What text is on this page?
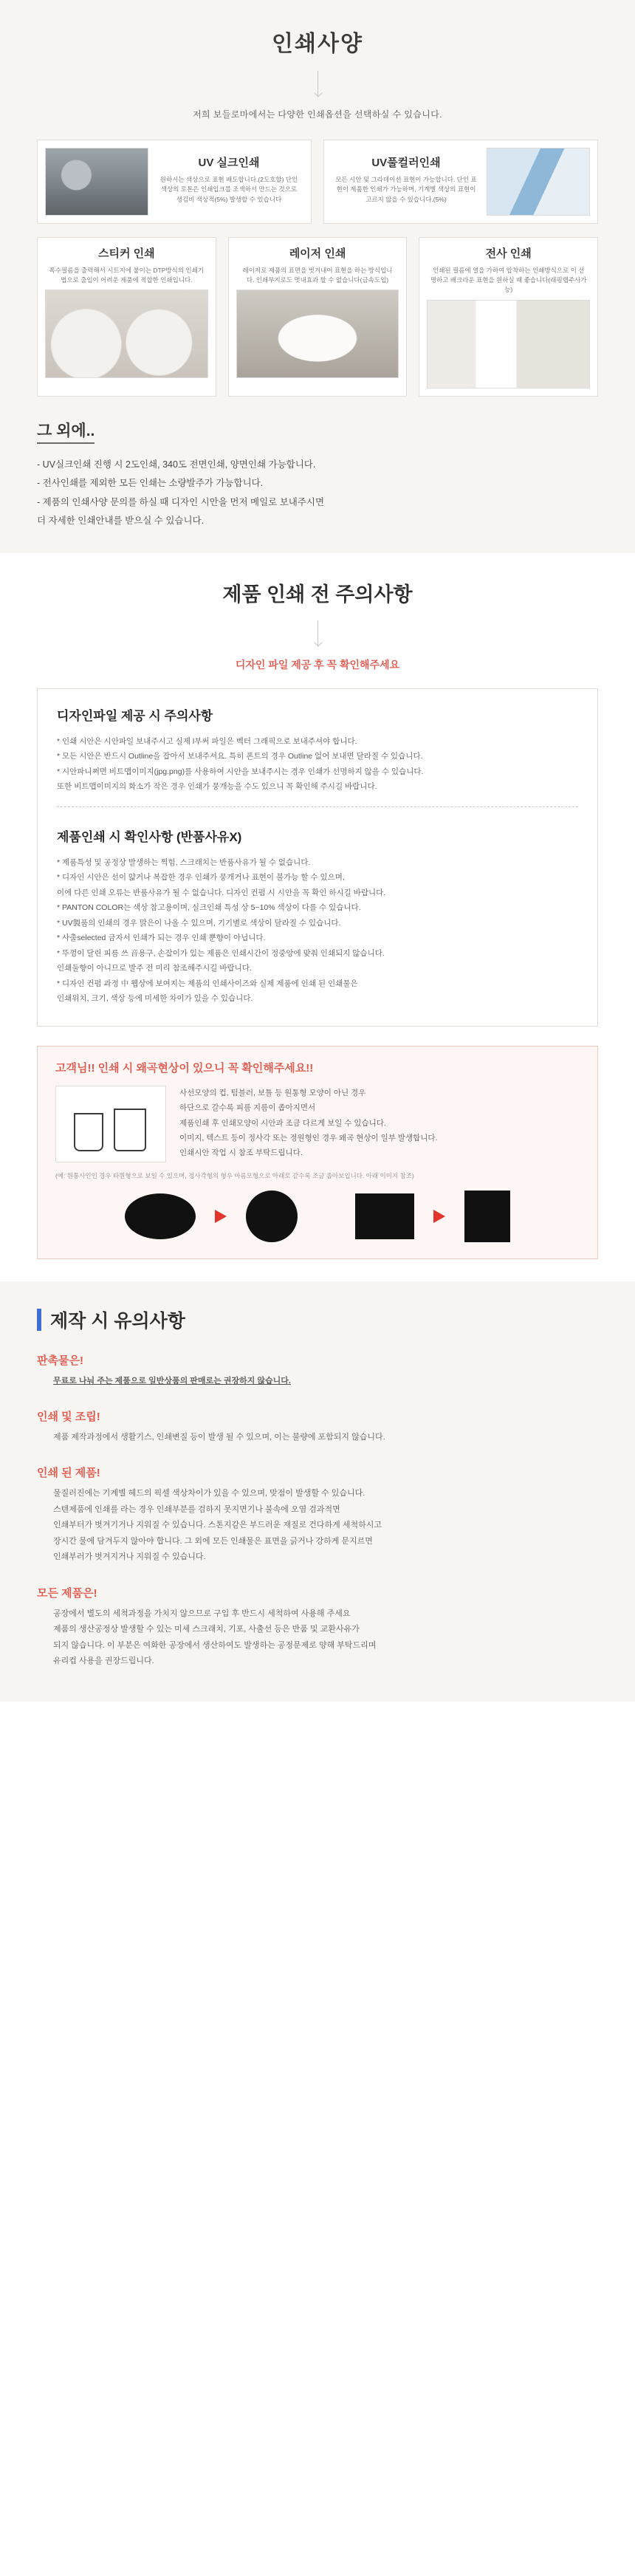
인쇄사양

저희 보들로마에서는 다양한 인쇄옵션을 선택하실 수 있습니다.

UV 실크인쇄
원하시는 색상으로 표현 배도합니다.(2도호할) 단인 색상의 로톤은 인쇄입크를 조색하서 만드는 것으로 생김비 색상적(5%) 발생할 수 있습니다
UV풀컬러인쇄
모든 시안 및 그라데이션 표현이 가능합니다. 단인 표현이 제품한 인쇄가 가능하며, 기계별 색상의 표현이 고르지 않을 수 있습니다.(5%)
스티커 인쇄
폭수필름을 출력해서 시트지에 붙이는 DTP방식의 인쇄기법으로 출입이 어려운 제품에 적합한 인쇄입니다.
레이저 인쇄
레이저로 제품의 표면을 벗겨내어 표현을 하는 방식입니다. 인쇄부지로도 멋내효과 할 수 없습니다(금속도입)
전사 인쇄
인쇄된 필름에 열을 가하여 압착하는 인쇄방식으로 이 선명하고 배크라운 표현을 원하실 때 좋습니다(래핑랩주사가능)
그 외에..

- UV실크인쇄 진행 시 2도인쇄, 340도 전면인쇄, 양면인쇄 가능합니다.

- 전사인쇄를 제외한 모든 인쇄는 소량발주가 가능합니다.

- 제품의 인쇄사양 문의를 하실 때 디자인 시안을 먼저 메일로 보내주시면

더 자세한 인쇄안내를 받으실 수 있습니다.

제품 인쇄 전 주의사항

디자인 파일 제공 후 꼭 확인해주세요

디자인파일 제공 시 주의사항
* 인쇄 시안은 시안파일 보내주시고 실제 l부써 파일은 벡터 그래픽으로 보내주셔야 합니다.
* 모든 시안은 반드시 Outline을 잡아서 보내주셔요. 특히 폰트의 경우 Outline 없어 보내면 달라질 수 있습니다.
* 시안파니쩌면 비트맵이미지(jpg.png)를 사용하여 시안을 보내주시는 경우 인쇄가 선명하지 않을 수 있습니다.
또한 비트맵이미지의 화소가 작은 경우 인쇄가 뭉개능을 수도 있으니 꼭 확인해 주시길 바랍니다.
제품인쇄 시 확인사항 (반품사유X)
* 제품특성 및 공정상 발생하는 찍힘, 스크래치는 반품사유가 될 수 없습니다.
* 디자인 시안은 선이 얇거나 복잡한 경우 인쇄가 뭉개거나 표현이 불가능 할 수 있으며,
이에 다른 인쇄 오류는 반품사유가 될 수 없습니다. 디자인 컨펌 시 시안을 꼭 확인 하시길 바랍니다.
* PANTON COLOR는 색상 참고용이며, 실크인쇄 특성 상 5~10% 색상이 다를 수 있습니다.
* UV製품의 인쇄의 경우 맑은이 나올 수 있으며, 기기별로 색상이 달라질 수 있습니다.
* 사출selected 금자서 인쇄가 되는 경우 인쇄 뿐향이 아닙니다.
* 뚜껑이 달린 피름 쓰 音용구, 손잡이가 있는 제품은 인쇄시간이 정중앙에 맞춰 인쇄되지 않습니다.
인쇄둘향이 아니므로 발주 전 미리 참조해주시길 바랍니다.
* 디자인 컨펌 과정 中 웹상에 보여지는 제품의 인쇄사이즈와 실제 제품에 인쇄 된 인쇄물은
인쇄위치, 크기, 색상 등에 미세한 차이가 있을 수 있습니다.
고객님!! 인쇄 시 왜곡현상이 있으니 꼭 확인해주세요!!
사선모양의 컵, 텀블러, 보틀 등 원통형 모양이 아닌 경우
하단으로 갈수록 피름 지름이 좁아지면서
제품인쇄 후 인쇄모양이 시안과 조금 다르게 보일 수 있습니다.
이미지, 텍스트 등이 정사각 또는 정원형인 경우 왜곡 현상이 일부 발생합니다.
인쇄시안 작업 시 참조 부탁드립니다.
(예: 원통사인인 경우 타원형으로 보일 수 있으며, 정사각형의 형우 마름모형으로 아래로 갈수록 조금 좁아보입니다. 아래 이미지 참조)
제작 시 유의사항
판촉물은!

무료로 나눠 주는 제품으로 일반상품의 판매로는 권장하지 않습니다.

인쇄 및 조립!

제품 제작과정에서 생활기스, 인쇄변질 등이 발생 될 수 있으며, 이는 불량에 포함되지 않습니다.

인쇄 된 제품!

물질러진에는 기계별 헤드의 픽셀 색상차이가 있을 수 있으며, 맞점이 발생할 수 있습니다.

스텐제품에 인쇄를 라는 경우 인쇄부분를 검하지 못지면기나 불속에 오염 검과적면

인쇄부터가 벗겨기거나 지워질 수 있습니다. 스톤지같은 부드러운 재질로 건다하게 세척하시고

장시간 물에 담겨두지 않아야 합니다. 그 외에 모든 인쇄물은 표면을 긁거나 강하게 문지르면

인쇄부러가 벗겨지거나 지워질 수 있습니다.

모든 제품은!

공장에서 별도의 세척과정을 가치지 않으므로 구입 후 반드시 세척하여 사용해 주세요

제품의 생산공정상 발생할 수 있는 미세 스크래치, 기포, 사출선 등은 반품 및 교환사유가

되지 않습니다. 이 부분은 여화한 공장에서 생산하여도 발생하는 공정문제로 양해 부탁드리며

유리컵 사용을 권장드립니다.
